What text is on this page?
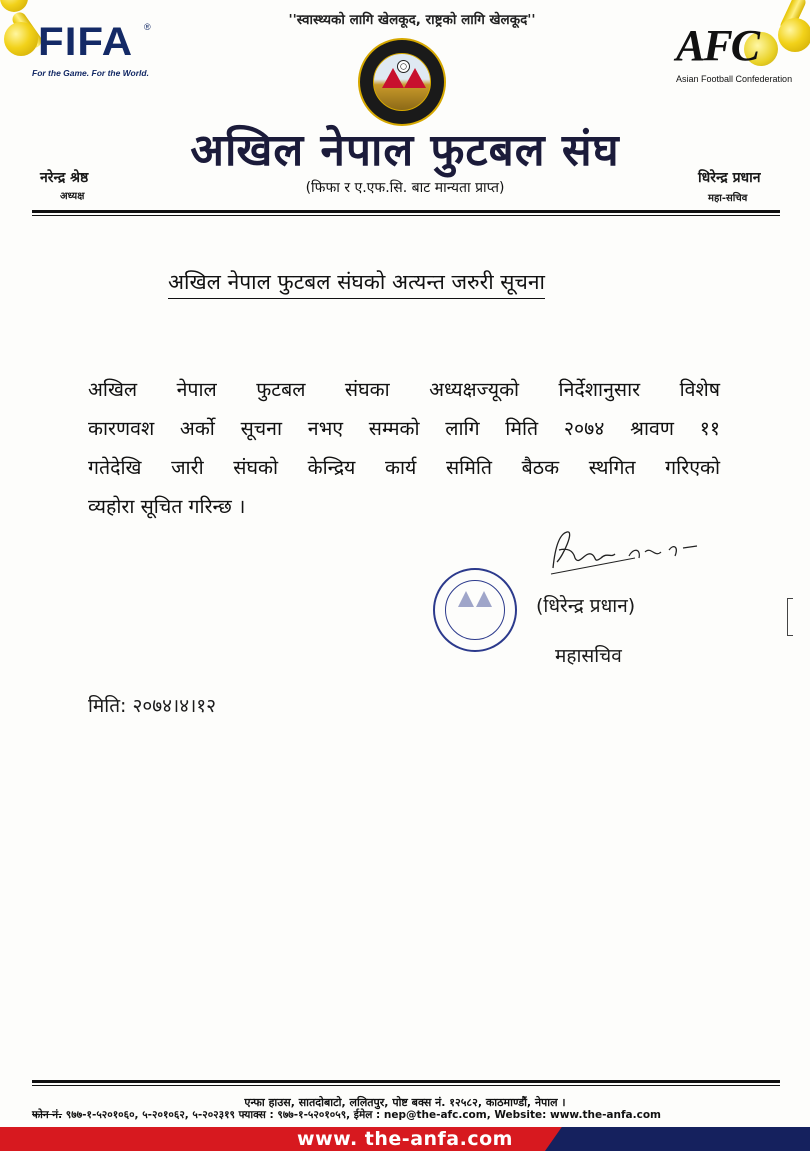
FIFA ®
For the Game. For the World.
''स्वास्थ्यको लागि खेलकूद, राष्ट्रको लागि खेलकूद''
AFC
Asian Football Confederation
अखिल नेपाल फुटबल संघ
(फिफा र ए.एफ.सि. बाट मान्यता प्राप्त)
नरेन्द्र श्रेष्ठ
अध्यक्ष
धिरेन्द्र प्रधान
महा-सचिव
अखिल नेपाल फुटबल संघको अत्यन्त जरुरी सूचना
अखिल नेपाल फुटबल संघका अध्यक्षज्यूको निर्देशानुसार विशेष
कारणवश अर्को सूचना नभए सम्मको लागि मिति २०७४ श्रावण ११
गतेदेखि जारी संघको केन्द्रिय कार्य समिति बैठक स्थगित गरिएको
व्यहोरा सूचित गरिन्छ ।
(धिरेन्द्र प्रधान)
महासचिव
मिति: २०७४।४।१२
एन्फा हाउस, सातदोबाटो, ललितपुर, पोष्ट बक्स नं. १२५८२, काठमाण्डौं, नेपाल ।
फोन नं. ९७७-१-५२०१०६०, ५-२०१०६२, ५-२०२३१९ फ्याक्स : ९७७-१-५२०१०५९, ईमेल : nep@the-afc.com, Website: www.the-anfa.com
www. the-anfa.com
